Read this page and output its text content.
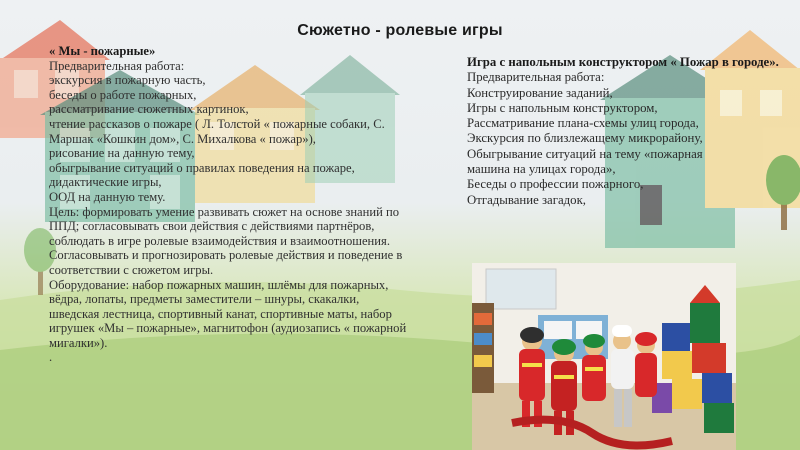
Сюжетно - ролевые игры
« Мы - пожарные»
Предварительная работа:
экскурсия в пожарную часть,
беседы о работе пожарных,
рассматривание сюжетных картинок,
чтение рассказов о пожаре ( Л. Толстой « пожарные собаки, С.
Маршак «Кошкин дом», С. Михалкова « пожар»),
рисование на данную тему,
обыгрывание ситуаций о правилах поведения на пожаре,
дидактические игры,
ООД на данную тему.
Цель: формировать умение развивать сюжет на основе знаний по
ППД; согласовывать свои действия с действиями партнёров,
соблюдать в игре ролевые взаимодействия и взаимоотношения.
Согласовывать и прогнозировать ролевые действия и поведение в
соответствии с сюжетом игры.
Оборудование: набор пожарных машин, шлёмы для пожарных,
вёдра, лопаты, предметы заместители – шнуры, скакалки,
шведская лестница, спортивный канат, спортивные маты, набор
игрушек «Мы – пожарные», магнитофон (аудиозапись « пожарной
мигалки»).
.
Игра с напольным конструктором « Пожар в городе».
Предварительная работа:
Конструирование заданий,
Игры с напольным конструктором,
Рассматривание плана-схемы улиц города,
Экскурсия по близлежащему микрорайону,
Обыгрывание ситуаций на тему «пожарная
машина на улицах города»,
Беседы о профессии пожарного,
Отгадывание загадок,
